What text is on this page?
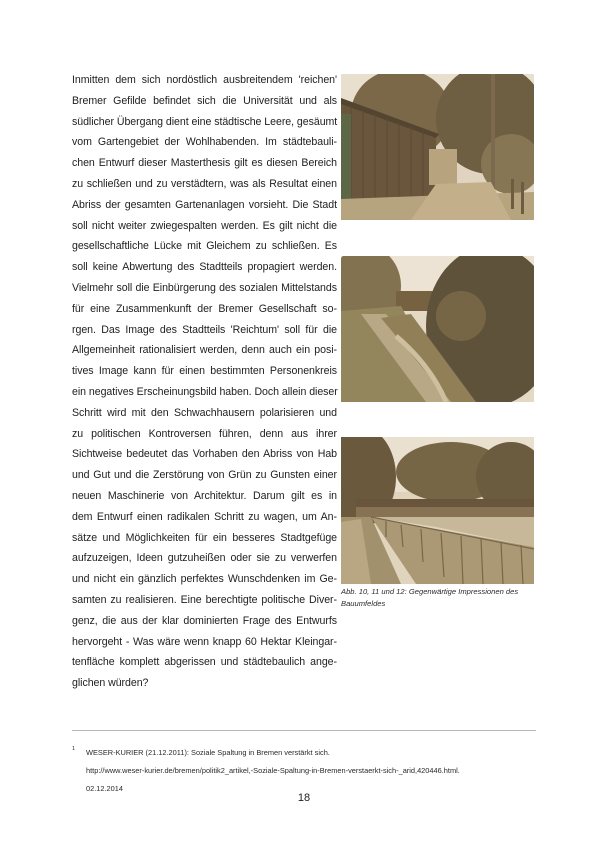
Inmitten dem sich nordöstlich ausbreitendem 'reichen'
Bremer Gefilde befindet sich die Universität und als
südlicher Übergang dient eine städtische Leere, gesäumt
vom Gartengebiet der Wohlhabenden. Im städtebauli-
chen Entwurf dieser Masterthesis gilt es diesen Bereich
zu schließen und zu verstädtern, was als Resultat einen
Abriss der gesamten Gartenanlagen vorsieht. Die Stadt
soll nicht weiter zwiegespalten werden. Es gilt nicht die
gesellschaftliche Lücke mit Gleichem zu schließen. Es
soll keine Abwertung des Stadtteils propagiert werden.
Vielmehr soll die Einbürgerung des sozialen Mittelstands
für eine Zusammenkunft der Bremer Gesellschaft so-
rgen. Das Image des Stadtteils 'Reichtum' soll für die
Allgemeinheit rationalisiert werden, denn auch ein posi-
tives Image kann für einen bestimmten Personenkreis
ein negatives Erscheinungsbild haben. Doch allein dieser
Schritt wird mit den Schwachhausern polarisieren und
zu politischen Kontroversen führen, denn aus ihrer
Sichtweise bedeutet das Vorhaben den Abriss von Hab
und Gut und die Zerstörung von Grün zu Gunsten einer
neuen Maschinerie von Architektur. Darum gilt es in
dem Entwurf einen radikalen Schritt zu wagen, um An-
sätze und Möglichkeiten für ein besseres Stadtgefüge
aufzuzeigen, Ideen gutzuheißen oder sie zu verwerfen
und nicht ein gänzlich perfektes Wunschdenken im Ge-
samten zu realisieren. Eine berechtigte politische Diver-
genz, die aus der klar dominierten Frage des Entwurfs
hervorgeht - Was wäre wenn knapp 60 Hektar Kleingar-
tenfläche komplett abgerissen und städtebaulich ange-
glichen würden?
Abb. 10, 11 und 12: Gegenwärtige Impressionen des Bauumfeldes
1	WESER-KURIER (21.12.2011): Soziale Spaltung in Bremen verstärkt sich.
http://www.weser-kurier.de/bremen/politik2_artikel,-Soziale-Spaltung-in-Bremen-verstaerkt-sich-_arid,420446.html.
02.12.2014
18
